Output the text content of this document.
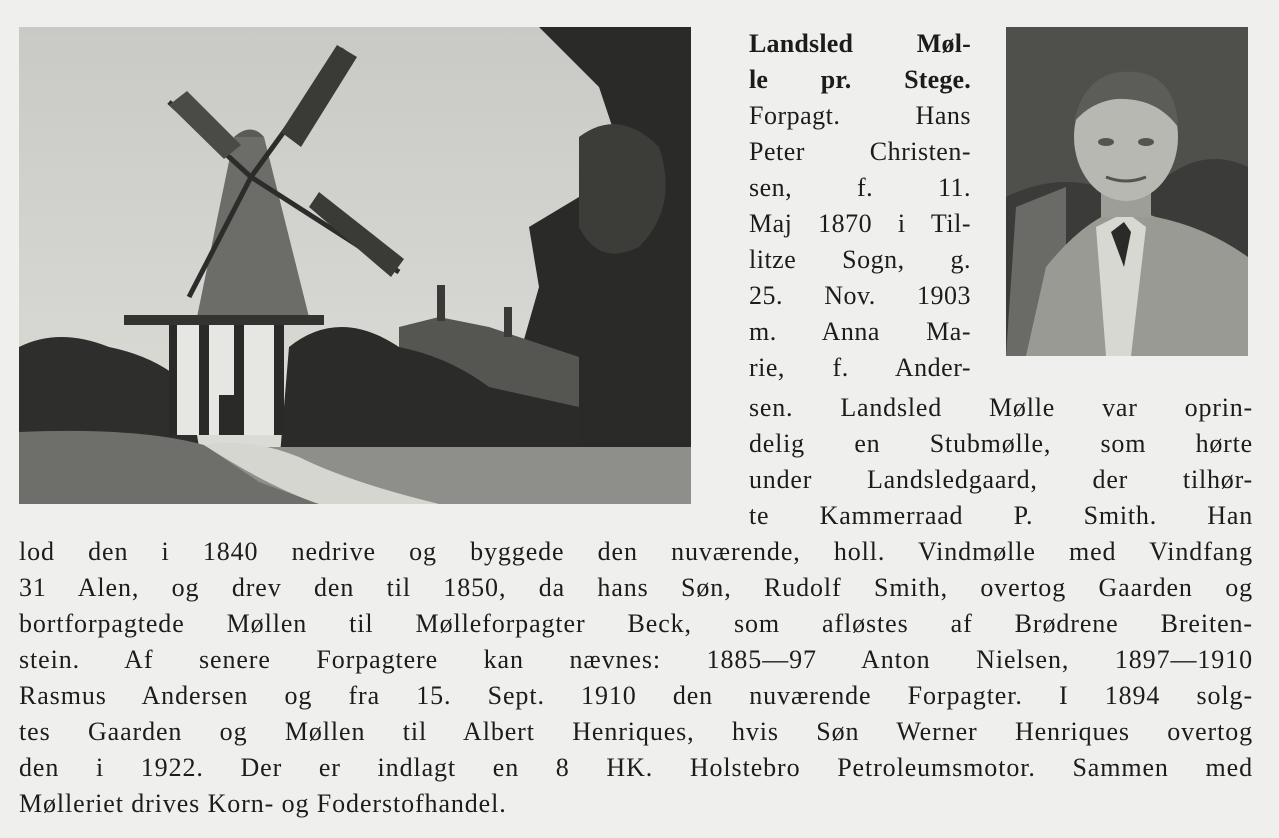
Landsled Møl-
le pr. Stege.
Forpagt. Hans
Peter Christen-
sen, f. 11.
Maj 1870 i Til-
litze Sogn, g.
25. Nov. 1903
m. Anna Ma-
rie, f. Ander-
sen. Landsled Mølle var oprin-
delig en Stubmølle, som hørte
under Landsledgaard, der tilhør-
te Kammerraad P. Smith. Han
lod den i 1840 nedrive og byggede den nuværende, holl. Vindmølle med Vindfang
31 Alen, og drev den til 1850, da hans Søn, Rudolf Smith, overtog Gaarden og
bortforpagtede Møllen til Mølleforpagter Beck, som afløstes af Brødrene Breiten-
stein. Af senere Forpagtere kan nævnes: 1885—97 Anton Nielsen, 1897—1910
Rasmus Andersen og fra 15. Sept. 1910 den nuværende Forpagter. I 1894 solg-
tes Gaarden og Møllen til Albert Henriques, hvis Søn Werner Henriques overtog
den i 1922. Der er indlagt en 8 HK. Holstebro Petroleumsmotor. Sammen med
Mølleriet drives Korn- og Foderstofhandel.
